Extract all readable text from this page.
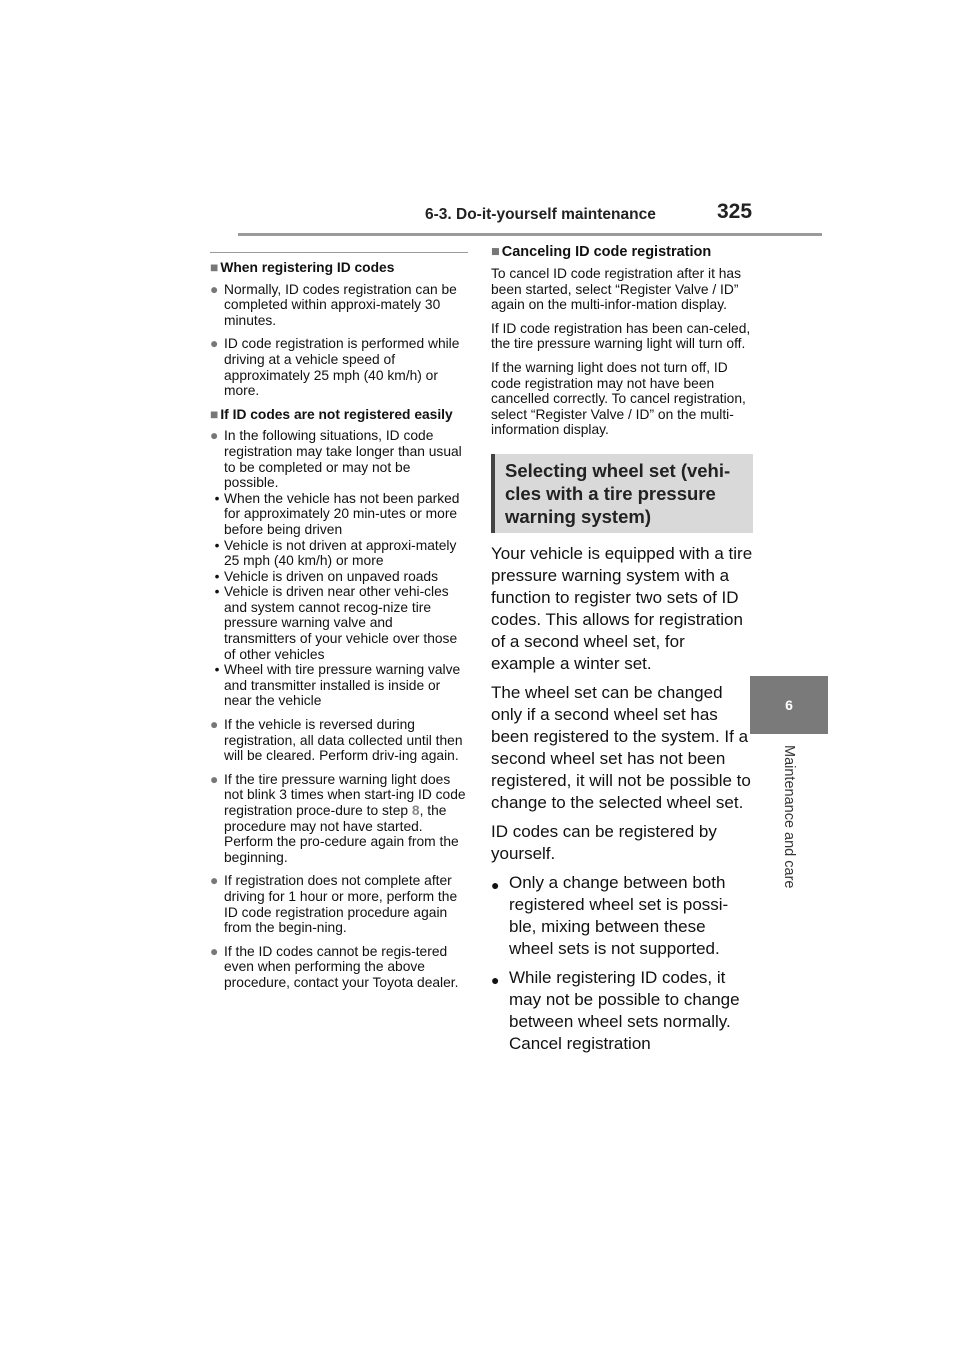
6-3. Do-it-yourself maintenance	325
6
Maintenance and care
■ When registering ID codes
● Normally, ID codes registration can be completed within approxi-mately 30 minutes.
● ID code registration is performed while driving at a vehicle speed of approximately 25 mph (40 km/h) or more.
■ If ID codes are not registered easily
● In the following situations, ID code registration may take longer than usual to be completed or may not be possible.
• When the vehicle has not been parked for approximately 20 min-utes or more before being driven
• Vehicle is not driven at approxi-mately 25 mph (40 km/h) or more
• Vehicle is driven on unpaved roads
• Vehicle is driven near other vehi-cles and system cannot recog-nize tire pressure warning valve and transmitters of your vehicle over those of other vehicles
• Wheel with tire pressure warning valve and transmitter installed is inside or near the vehicle
● If the vehicle is reversed during registration, all data collected until then will be cleared. Perform driv-ing again.
● If the tire pressure warning light does not blink 3 times when start-ing ID code registration proce-dure to step 8, the procedure may not have started. Perform the pro-cedure again from the beginning.
● If registration does not complete after driving for 1 hour or more, perform the ID code registration procedure again from the begin-ning.
● If the ID codes cannot be regis-tered even when performing the above procedure, contact your Toyota dealer.
■ Canceling ID code registration
To cancel ID code registration after it has been started, select “Register Valve / ID” again on the multi-infor-mation display.
If ID code registration has been can-celed, the tire pressure warning light will turn off.
If the warning light does not turn off, ID code registration may not have been cancelled correctly. To cancel registration, select “Register Valve / ID” on the multi-information display.
Selecting wheel set (vehi-cles with a tire pressure warning system)

Your vehicle is equipped with a tire pressure warning system with a function to register two sets of ID codes. This allows for registration of a second wheel set, for example a winter set.

The wheel set can be changed only if a second wheel set has been registered to the system. If a second wheel set has not been registered, it will not be possible to change to the selected wheel set.

ID codes can be registered by yourself.

● Only a change between both registered wheel set is possi-ble, mixing between these wheel sets is not supported.
● While registering ID codes, it may not be possible to change between wheel sets normally. Cancel registration
